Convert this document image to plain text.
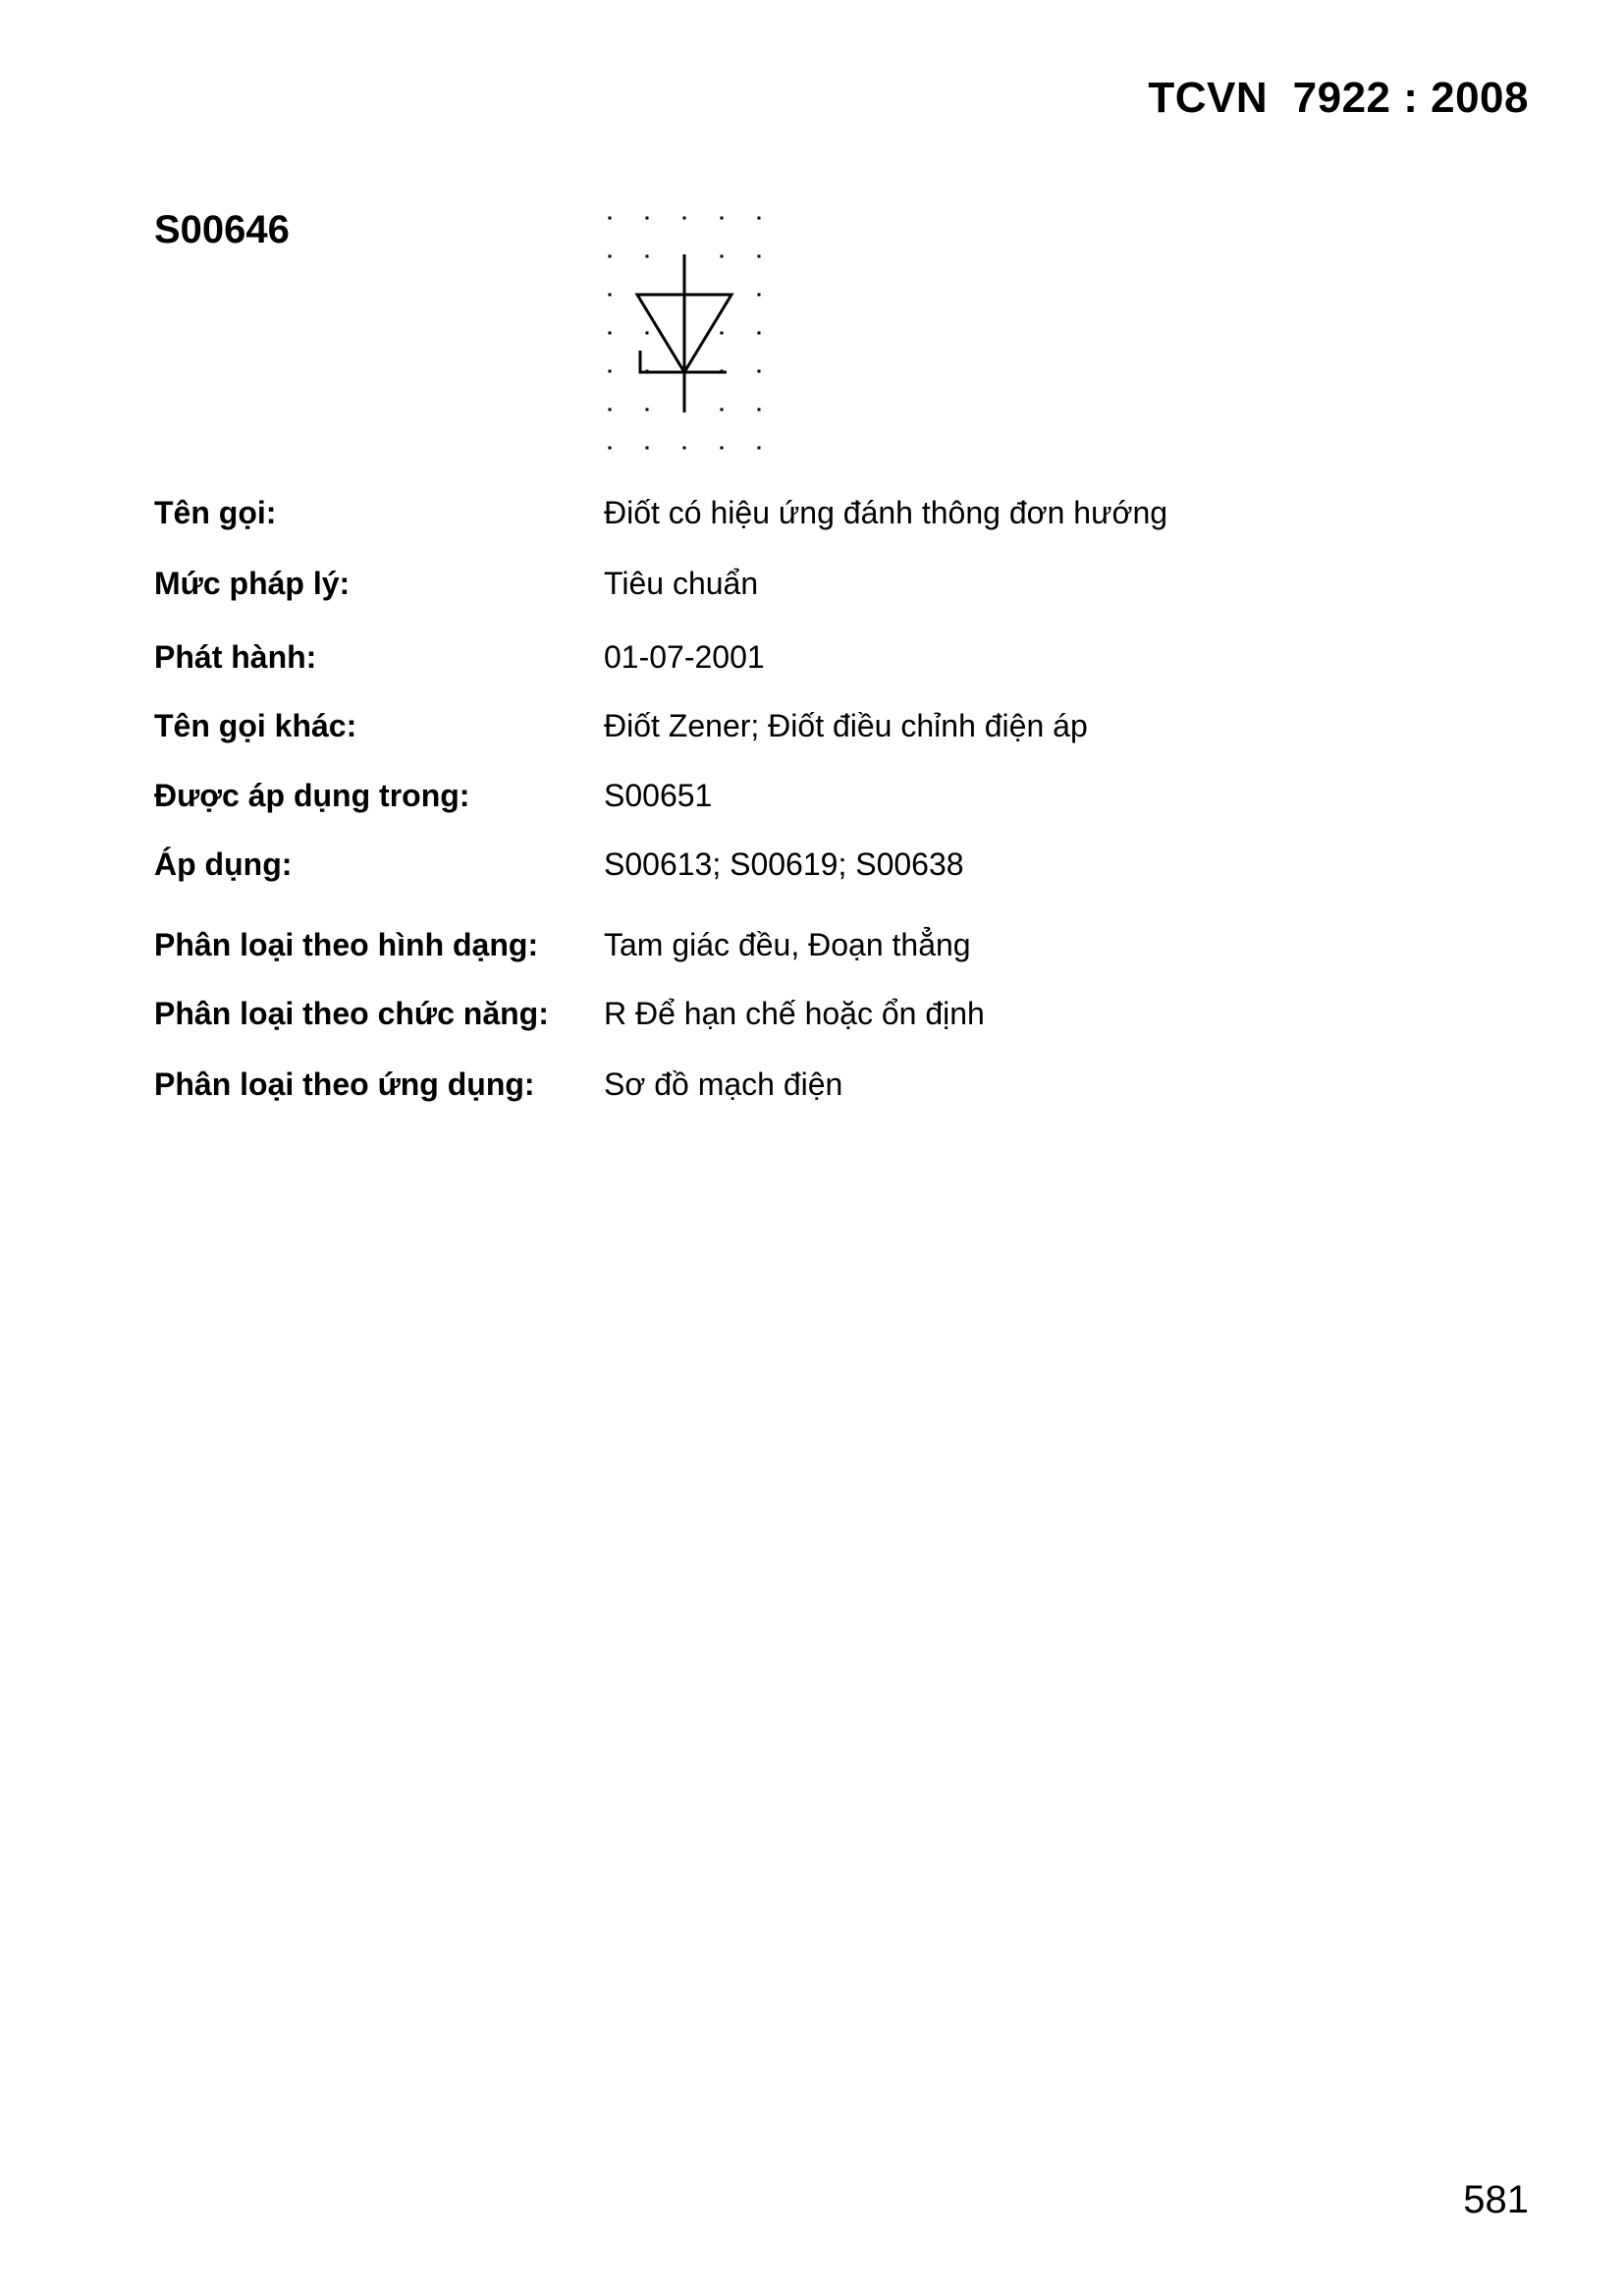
TCVN  7922 : 2008
S00646
Tên gọi:	Điốt có hiệu ứng đánh thông đơn hướng
Mức pháp lý:	Tiêu chuẩn
Phát hành:	01-07-2001
Tên gọi khác:	Điốt Zener; Điốt điều chỉnh điện áp
Được áp dụng trong:	S00651
Áp dụng:	S00613; S00619; S00638
Phân loại theo hình dạng:	Tam giác đều, Đoạn thẳng
Phân loại theo chức năng:	R Để hạn chế hoặc ổn định
Phân loại theo ứng dụng:	Sơ đồ mạch điện
581
